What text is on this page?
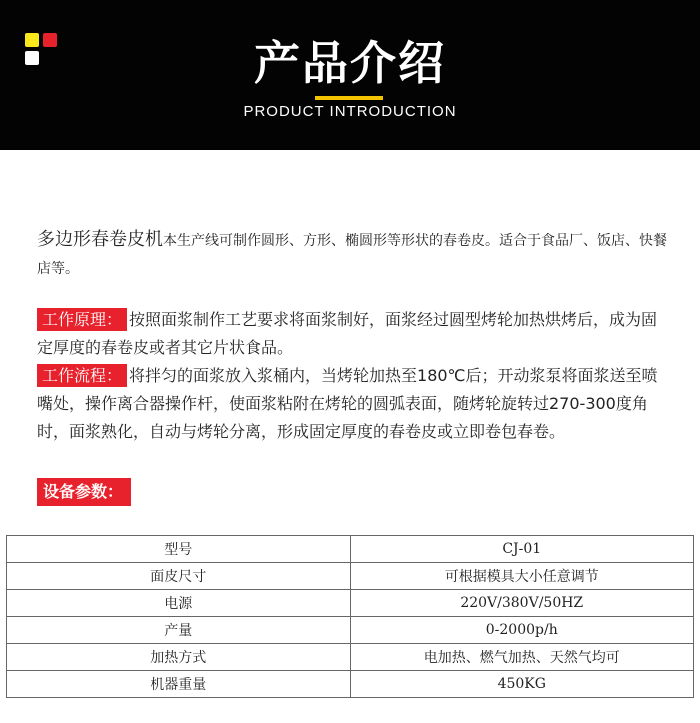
产品介绍
PRODUCT INTRODUCTION
多边形春卷皮机本生产线可制作圆形、方形、椭圆形等形状的春卷皮。适合于食品厂、饭店、快餐店等。
工作原理： 按照面浆制作工艺要求将面浆制好，面浆经过圆型烤轮加热烘烤后，成为固定厚度的春卷皮或者其它片状食品。
工作流程： 将拌匀的面浆放入浆桶内，当烤轮加热至180℃后；开动浆泵将面浆送至喷嘴处，操作离合器操作杆，使面浆粘附在烤轮的圆弧表面，随烤轮旋转过270-300度角时，面浆熟化，自动与烤轮分离，形成固定厚度的春卷皮或立即卷包春卷。
设备参数：
型号	CJ-01
面皮尺寸	可根据模具大小任意调节
电源	220V/380V/50HZ
产量	0-2000p/h
加热方式	电加热、燃气加热、天然气均可
机器重量	450KG
